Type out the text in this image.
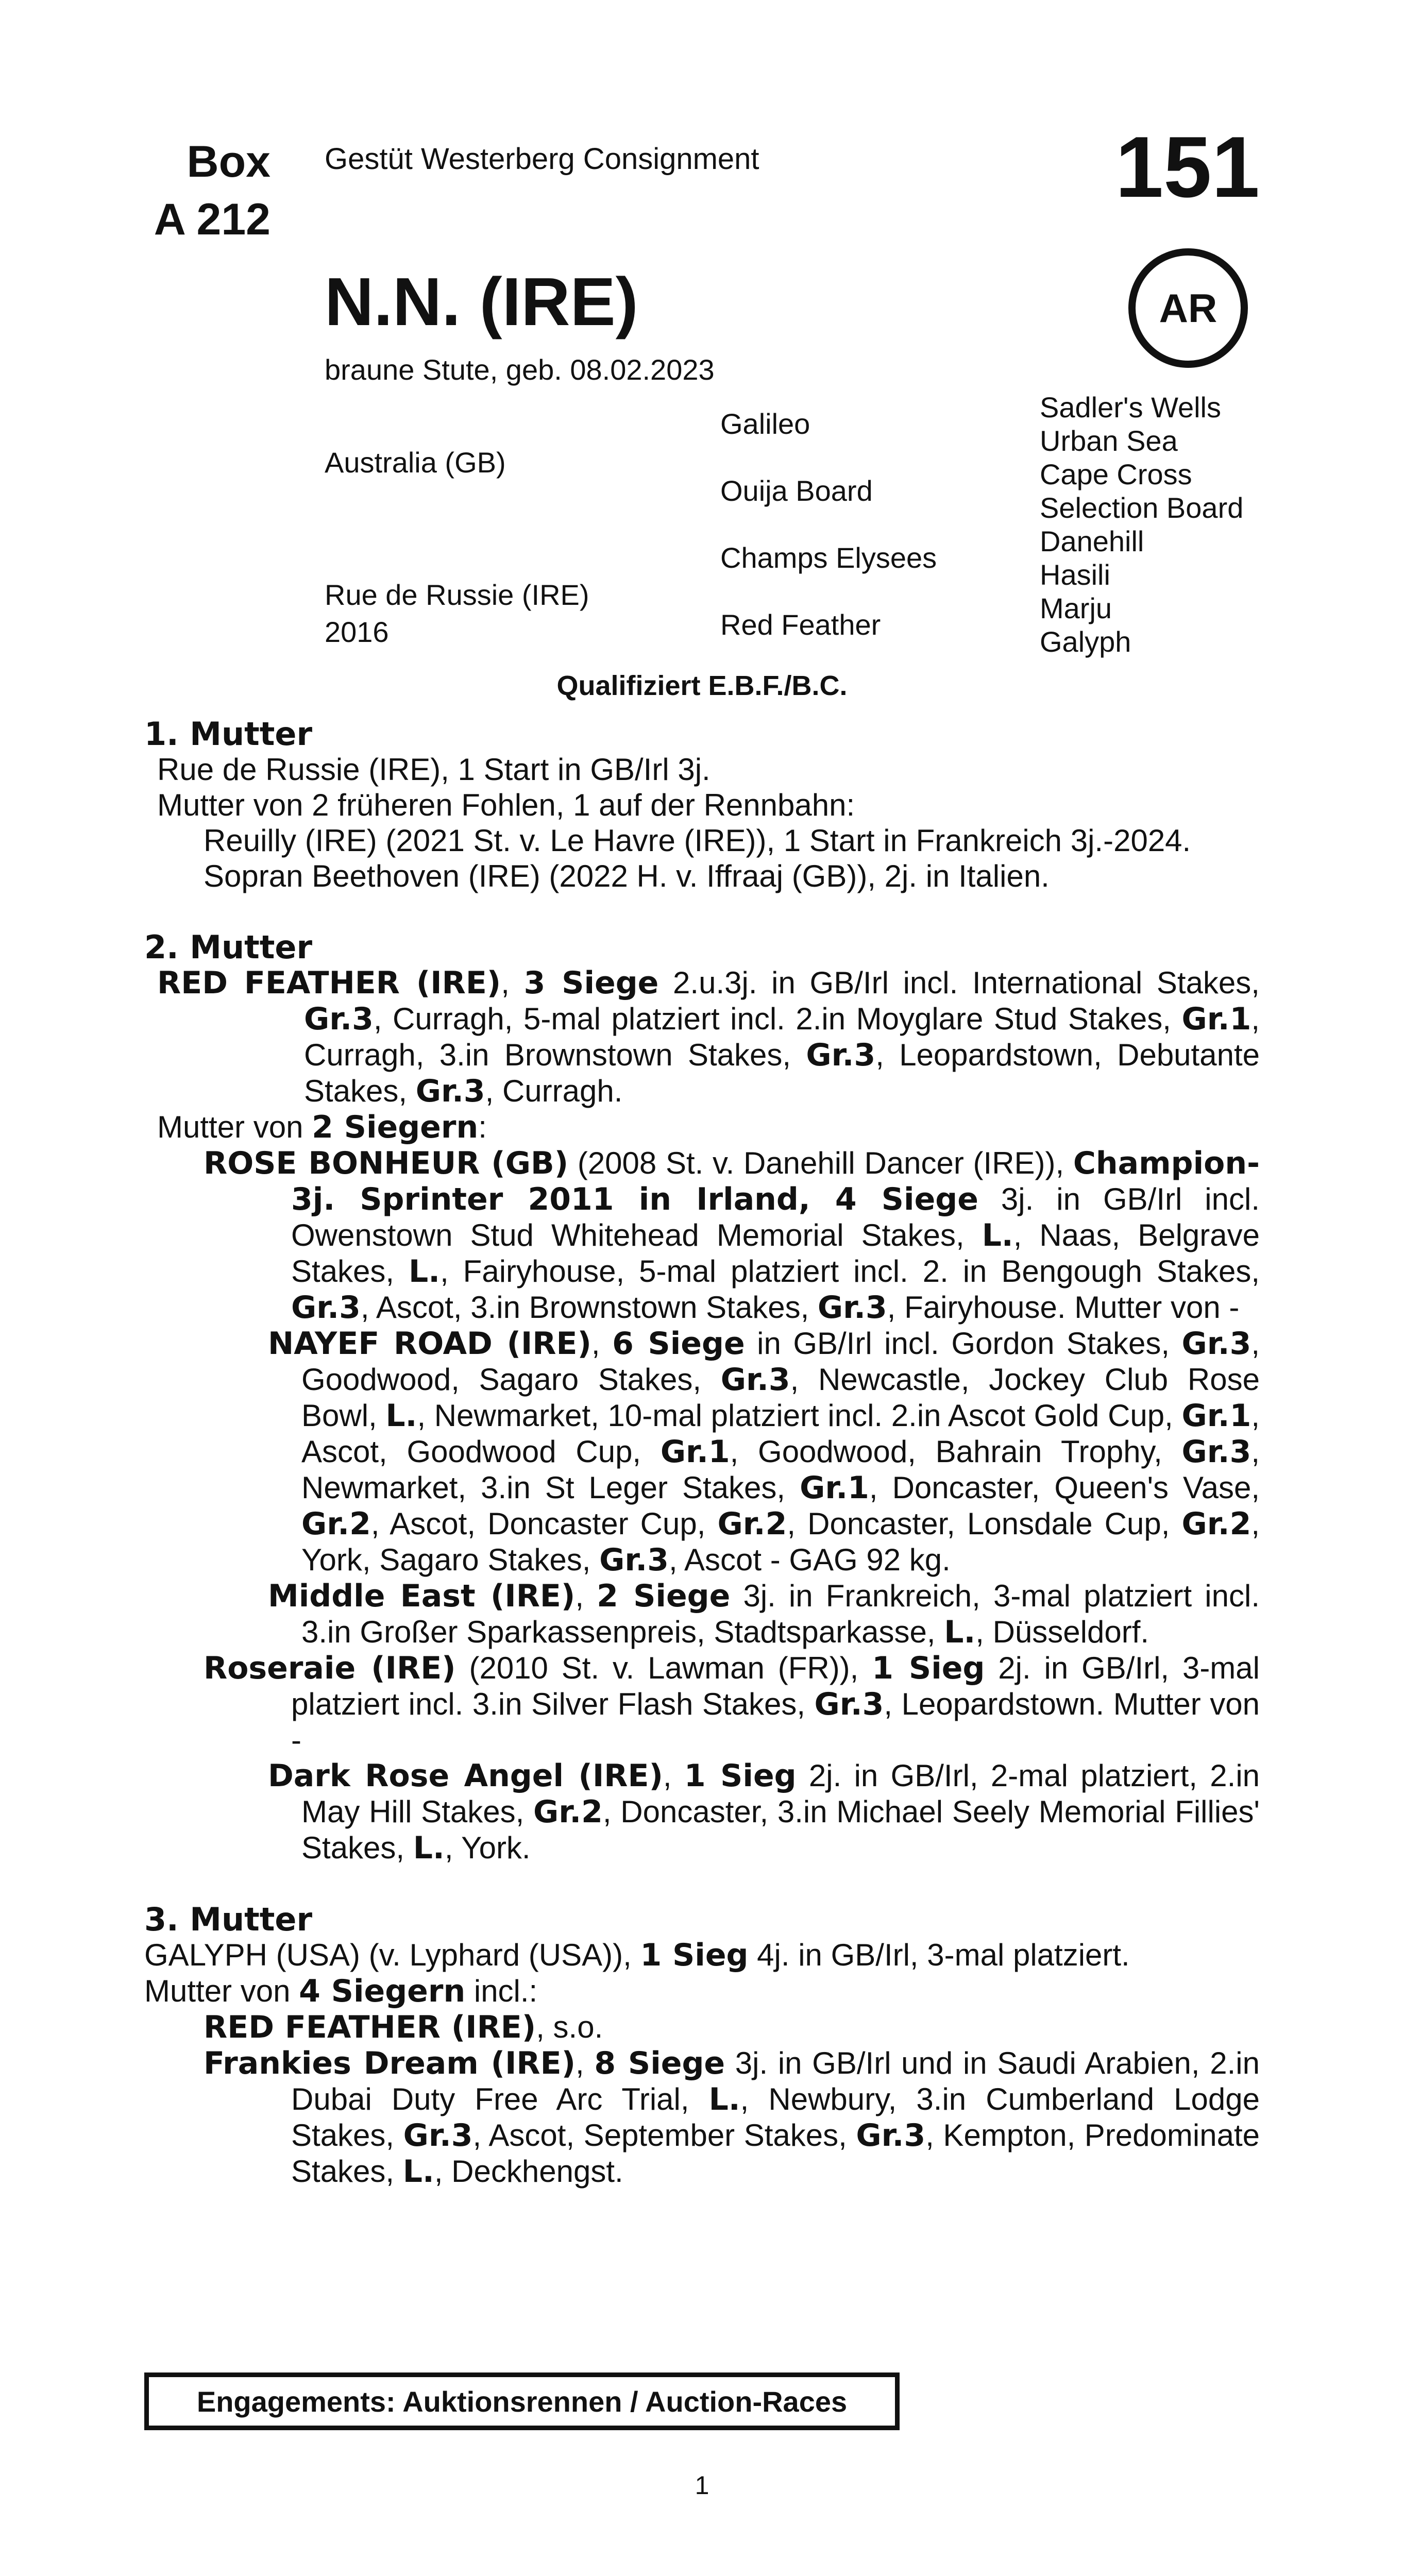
Box
A 212
Gestüt Westerberg Consignment	151
AR
N.N. (IRE)
braune Stute, geb. 08.02.2023
Australia (GB)
Rue de Russie (IRE)
2016
Galileo
Ouija Board
Champs Elysees
Red Feather
Sadler's Wells
Urban Sea
Cape Cross
Selection Board
Danehill
Hasili
Marju
Galyph
Qualifiziert E.B.F./B.C.
1. Mutter
Rue de Russie (IRE), 1 Start in GB/Irl 3j.
Mutter von 2 früheren Fohlen, 1 auf der Rennbahn:
Reuilly (IRE) (2021 St. v. Le Havre (IRE)), 1 Start in Frankreich 3j.-2024.
Sopran Beethoven (IRE) (2022 H. v. Iffraaj (GB)), 2j. in Italien.
2. Mutter
RED FEATHER (IRE), 3 Siege 2.u.3j. in GB/Irl incl. International Stakes, Gr.3, Curragh, 5-mal platziert incl. 2.in Moyglare Stud Stakes, Gr.1, Curragh, 3.in Brownstown Stakes, Gr.3, Leopardstown, Debutante Stakes, Gr.3, Curragh.
Mutter von 2 Siegern:
ROSE BONHEUR (GB) (2008 St. v. Danehill Dancer (IRE)), Champion-3j. Sprinter 2011 in Irland, 4 Siege 3j. in GB/Irl incl. Owenstown Stud Whitehead Memorial Stakes, L., Naas, Belgrave Stakes, L., Fairyhouse, 5-mal platziert incl. 2. in Bengough Stakes, Gr.3, Ascot, 3.in Brownstown Stakes, Gr.3, Fairyhouse. Mutter von -
NAYEF ROAD (IRE), 6 Siege in GB/Irl incl. Gordon Stakes, Gr.3, Goodwood, Sagaro Stakes, Gr.3, Newcastle, Jockey Club Rose Bowl, L., Newmarket, 10-mal platziert incl. 2.in Ascot Gold Cup, Gr.1, Ascot, Goodwood Cup, Gr.1, Goodwood, Bahrain Trophy, Gr.3, Newmarket, 3.in St Leger Stakes, Gr.1, Doncaster, Queen's Vase, Gr.2, Ascot, Doncaster Cup, Gr.2, Doncaster, Lonsdale Cup, Gr.2, York, Sagaro Stakes, Gr.3, Ascot - GAG 92 kg.
Middle East (IRE), 2 Siege 3j. in Frankreich, 3-mal platziert incl. 3.in Großer Sparkassenpreis, Stadtsparkasse, L., Düsseldorf.
Roseraie (IRE) (2010 St. v. Lawman (FR)), 1 Sieg 2j. in GB/Irl, 3-mal platziert incl. 3.in Silver Flash Stakes, Gr.3, Leopardstown. Mutter von -
Dark Rose Angel (IRE), 1 Sieg 2j. in GB/Irl, 2-mal platziert, 2.in May Hill Stakes, Gr.2, Doncaster, 3.in Michael Seely Memorial Fillies' Stakes, L., York.
3. Mutter
GALYPH (USA) (v. Lyphard (USA)), 1 Sieg 4j. in GB/Irl, 3-mal platziert.
Mutter von 4 Siegern incl.:
RED FEATHER (IRE), s.o.
Frankies Dream (IRE), 8 Siege 3j. in GB/Irl und in Saudi Arabien, 2.in Dubai Duty Free Arc Trial, L., Newbury, 3.in Cumberland Lodge Stakes, Gr.3, Ascot, September Stakes, Gr.3, Kempton, Predominate Stakes, L., Deckhengst.
Engagements: Auktionsrennen / Auction-Races
1
